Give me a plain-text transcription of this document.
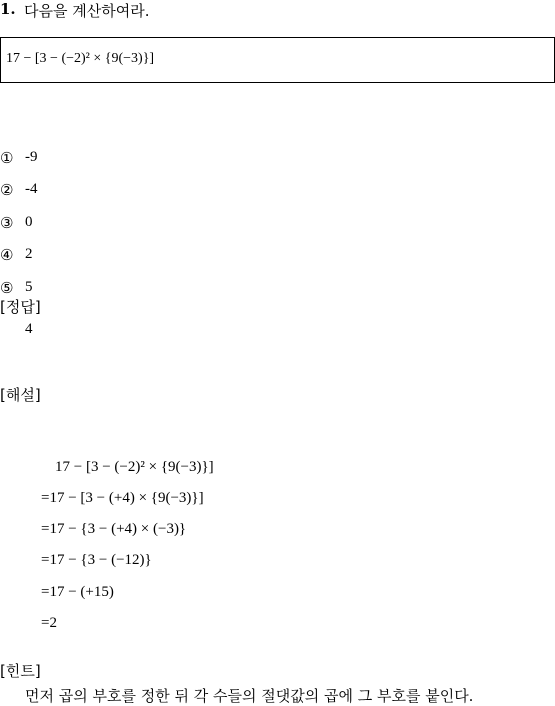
1. 다음을 계산하여라.
17 − [3 − (−2)² × {9(−3)}]
① -9
② -4
③ 0
④ 2
⑤ 5
[정답]
4
[해설]
17 − [3 − (−2)² × {9(−3)}]
=17 − [3 − (+4) × {9(−3)}]
=17 − {3 − (+4) × (−3)}
=17 − {3 − (−12)}
=17 − (+15)
=2
[힌트]
먼저 곱의 부호를 정한 뒤 각 수들의 절댓값의 곱에 그 부호를 붙인다.
